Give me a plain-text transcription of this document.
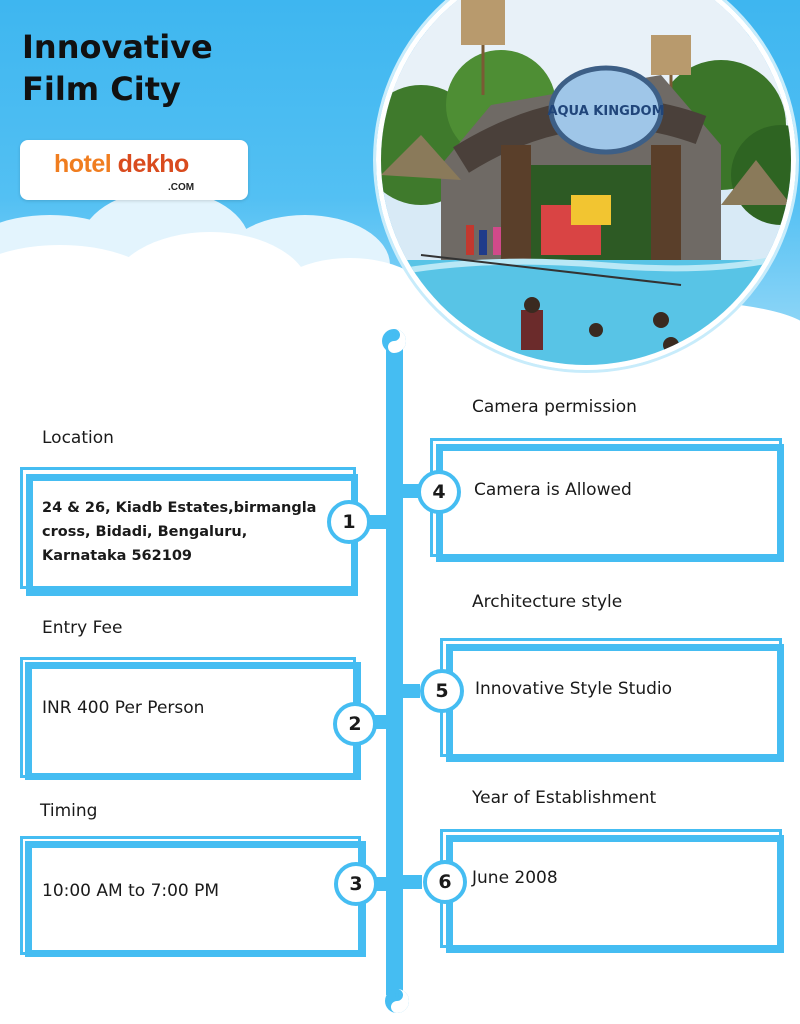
Innovative
Film City
hotel dekho
.COM
AQUA KINGDOM
Location
24 & 26, Kiadb Estates,birmangla cross, Bidadi, Bengaluru, Karnataka 562109
Entry Fee
INR 400 Per Person
Timing
10:00 AM to 7:00 PM
Camera permission
Camera is Allowed
Architecture style
Innovative Style Studio
Year of Establishment
June 2008
1
2
3
4
5
6
